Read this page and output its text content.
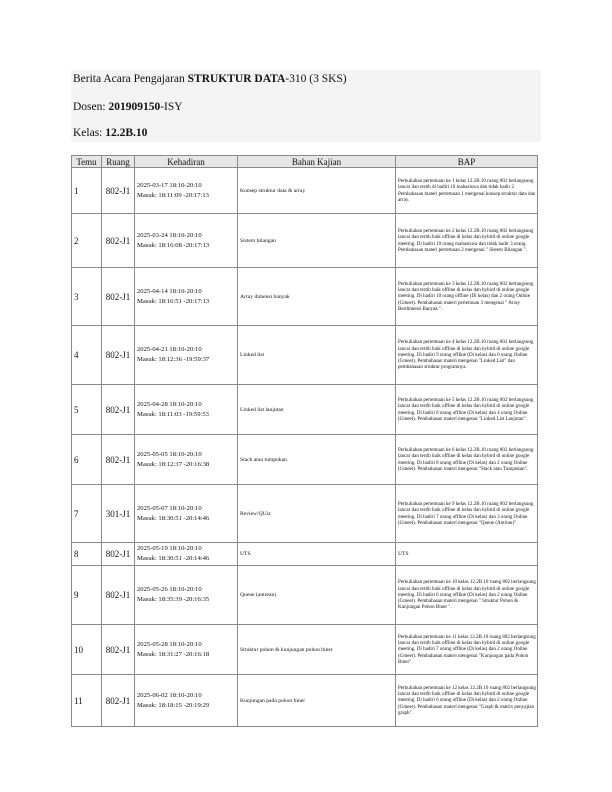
Berita Acara Pengajaran STRUKTUR DATA-310 (3 SKS)
Dosen: 201909150-ISY
Kelas: 12.2B.10
Temu	Ruang	Kehadiran	Bahan Kajian	BAP
1	802-J1	2025-03-17 18:10-20:10
Masuk: 18:11:09 -20:17:13	Konsep struktur data & array	Perkuliahan pertemuan ke 1 kelas 12.2B.10 ruang 802 berlangsung lancar dan tertib di hadiri 10 mahasiswa dan tidak hadir 2 Pembahasan materi pertemuan 1 mengenai konsep struktur data dan array.
2	802-J1	2025-03-24 18:10-20:10
Masuk: 18:16:08 -20:17:13	Sistem bilangan	Perkuliahan pertemuan ke 2 kelas 12.2B.10 ruang 802 berlangsung lancar dan tertib baik offline di kelas dan hybird di online google meeting. Di hadiri 10 orang mahasiswa dan tidak hadir 3 orang. Pembahasan materi pertemuan 2 mengenai " Sistem Bilangan ".
3	802-J1	2025-04-14 18:10-20:10
Masuk: 18:16:51 -20:17:13	Array dimensi banyak	Perkuliahan pertemuan ke 3 kelas 12.2B.10 ruang 802 berlangsung lancar dan tertib baik offline di kelas dan hybird di online google meeting. Di hadiri 10 orang offline (Di kelas) dan 2 orang Online (Gmeet). Pembahasan materi pertemuan 3 mengenai " Array Berdimensi Banyak ".
4	802-J1	2025-04-21 18:10-20:10
Masuk: 18:12:36 -19:59:37	Linked list	Perkuliahan pertemuan ke 4 kelas 12.2B.10 ruang 802 berlangsung lancar dan tertib baik offline di kelas dan hybird di online google meeting. Di hadiri 9 orang offline (Di kelas) dan 0 orang Online (Gmeet). Pembahasan materi mengenai "Linked List" dan pembahasan struktur programnya.
5	802-J1	2025-04-28 18:10-20:10
Masuk: 18:11:03 -19:59:53	Linked list lanjutan	Perkuliahan pertemuan ke 5 kelas 12.2B.10 ruang 802 berlangsung lancar dan tertib baik offline di kelas dan hybird di online google meeting. Di hadiri 8 orang offline (Di kelas) dan 4 orang Online (Gmeet). Pembahasan materi mengenai "Linked List Lanjutan".
6	802-J1	2025-05-05 18:10-20:10
Masuk: 18:12:37 -20:16:38	Stack atau tumpukan	Perkuliahan pertemuan ke 6 kelas 12.2B.10 ruang 802 berlangsung lancar dan tertib baik offline di kelas dan hybird di online google meeting. Di hadiri 8 orang offline (Di kelas) dan 2 orang Online (Gmeet). Pembahasan materi mengenai "Stack atau Tumpukan".
7	301-J1	2025-05-07 18:10-20:10
Masuk: 18:30:51 -20:14:46	Review/QUiz	Perkuliahan pertemuan ke 9 kelas 12.2B.10 ruang 802 berlangsung lancar dan tertib baik offline di kelas dan hybird di online google meeting. Di hadiri 7 orang offline (Di kelas) dan 3 orang Online (Gmeet). Pembahasan materi mengenai "Queue (Antrian)".
8	802-J1	2025-05-19 18:10-20:10
Masuk: 18:30:51 -20:14:46	UTS	UTS
9	802-J1	2025-05-26 18:10-20:10
Masuk: 18:35:39 -20:16:35	Queue (antrean)	Perkuliahan pertemuan ke 10 kelas 12.2B.10 ruang 802 berlangsung lancar dan tertib baik offline di kelas dan hybird di online google meeting. Di hadiri 6 orang offline (Di kelas) dan 2 orang Online (Gmeet). Pembahasan materi mengenai " Struktur Pohon & Kunjungan Pohon Biner ".
10	802-J1	2025-05-28 18:10-20:10
Masuk: 18:31:27 -20:16:18	Struktur pohon & kunjungan pohon biner	Perkuliahan pertemuan ke 11 kelas 12.2B.10 ruang 802 berlangsung lancar dan tertib baik offline di kelas dan hybird di online google meeting. Di hadiri 7 orang offline (Di kelas) dan 2 orang Online (Gmeet). Pembahasan materi mengenai "Kunjungan pada Pohon Biner".
11	802-J1	2025-06-02 18:10-20:10
Masuk: 18:18:15 -20:19:29	Kunjungan pada pohon biner	Perkuliahan pertemuan ke 12 kelas 12.2B.10 ruang 802 berlangsung lancar dan tertib baik offline di kelas dan hybird di online google meeting. Di hadiri 6 orang offline (Di kelas) dan 2 orang Online (Gmeet). Pembahasan materi mengenai "Graph & matrix penyajian graph".
